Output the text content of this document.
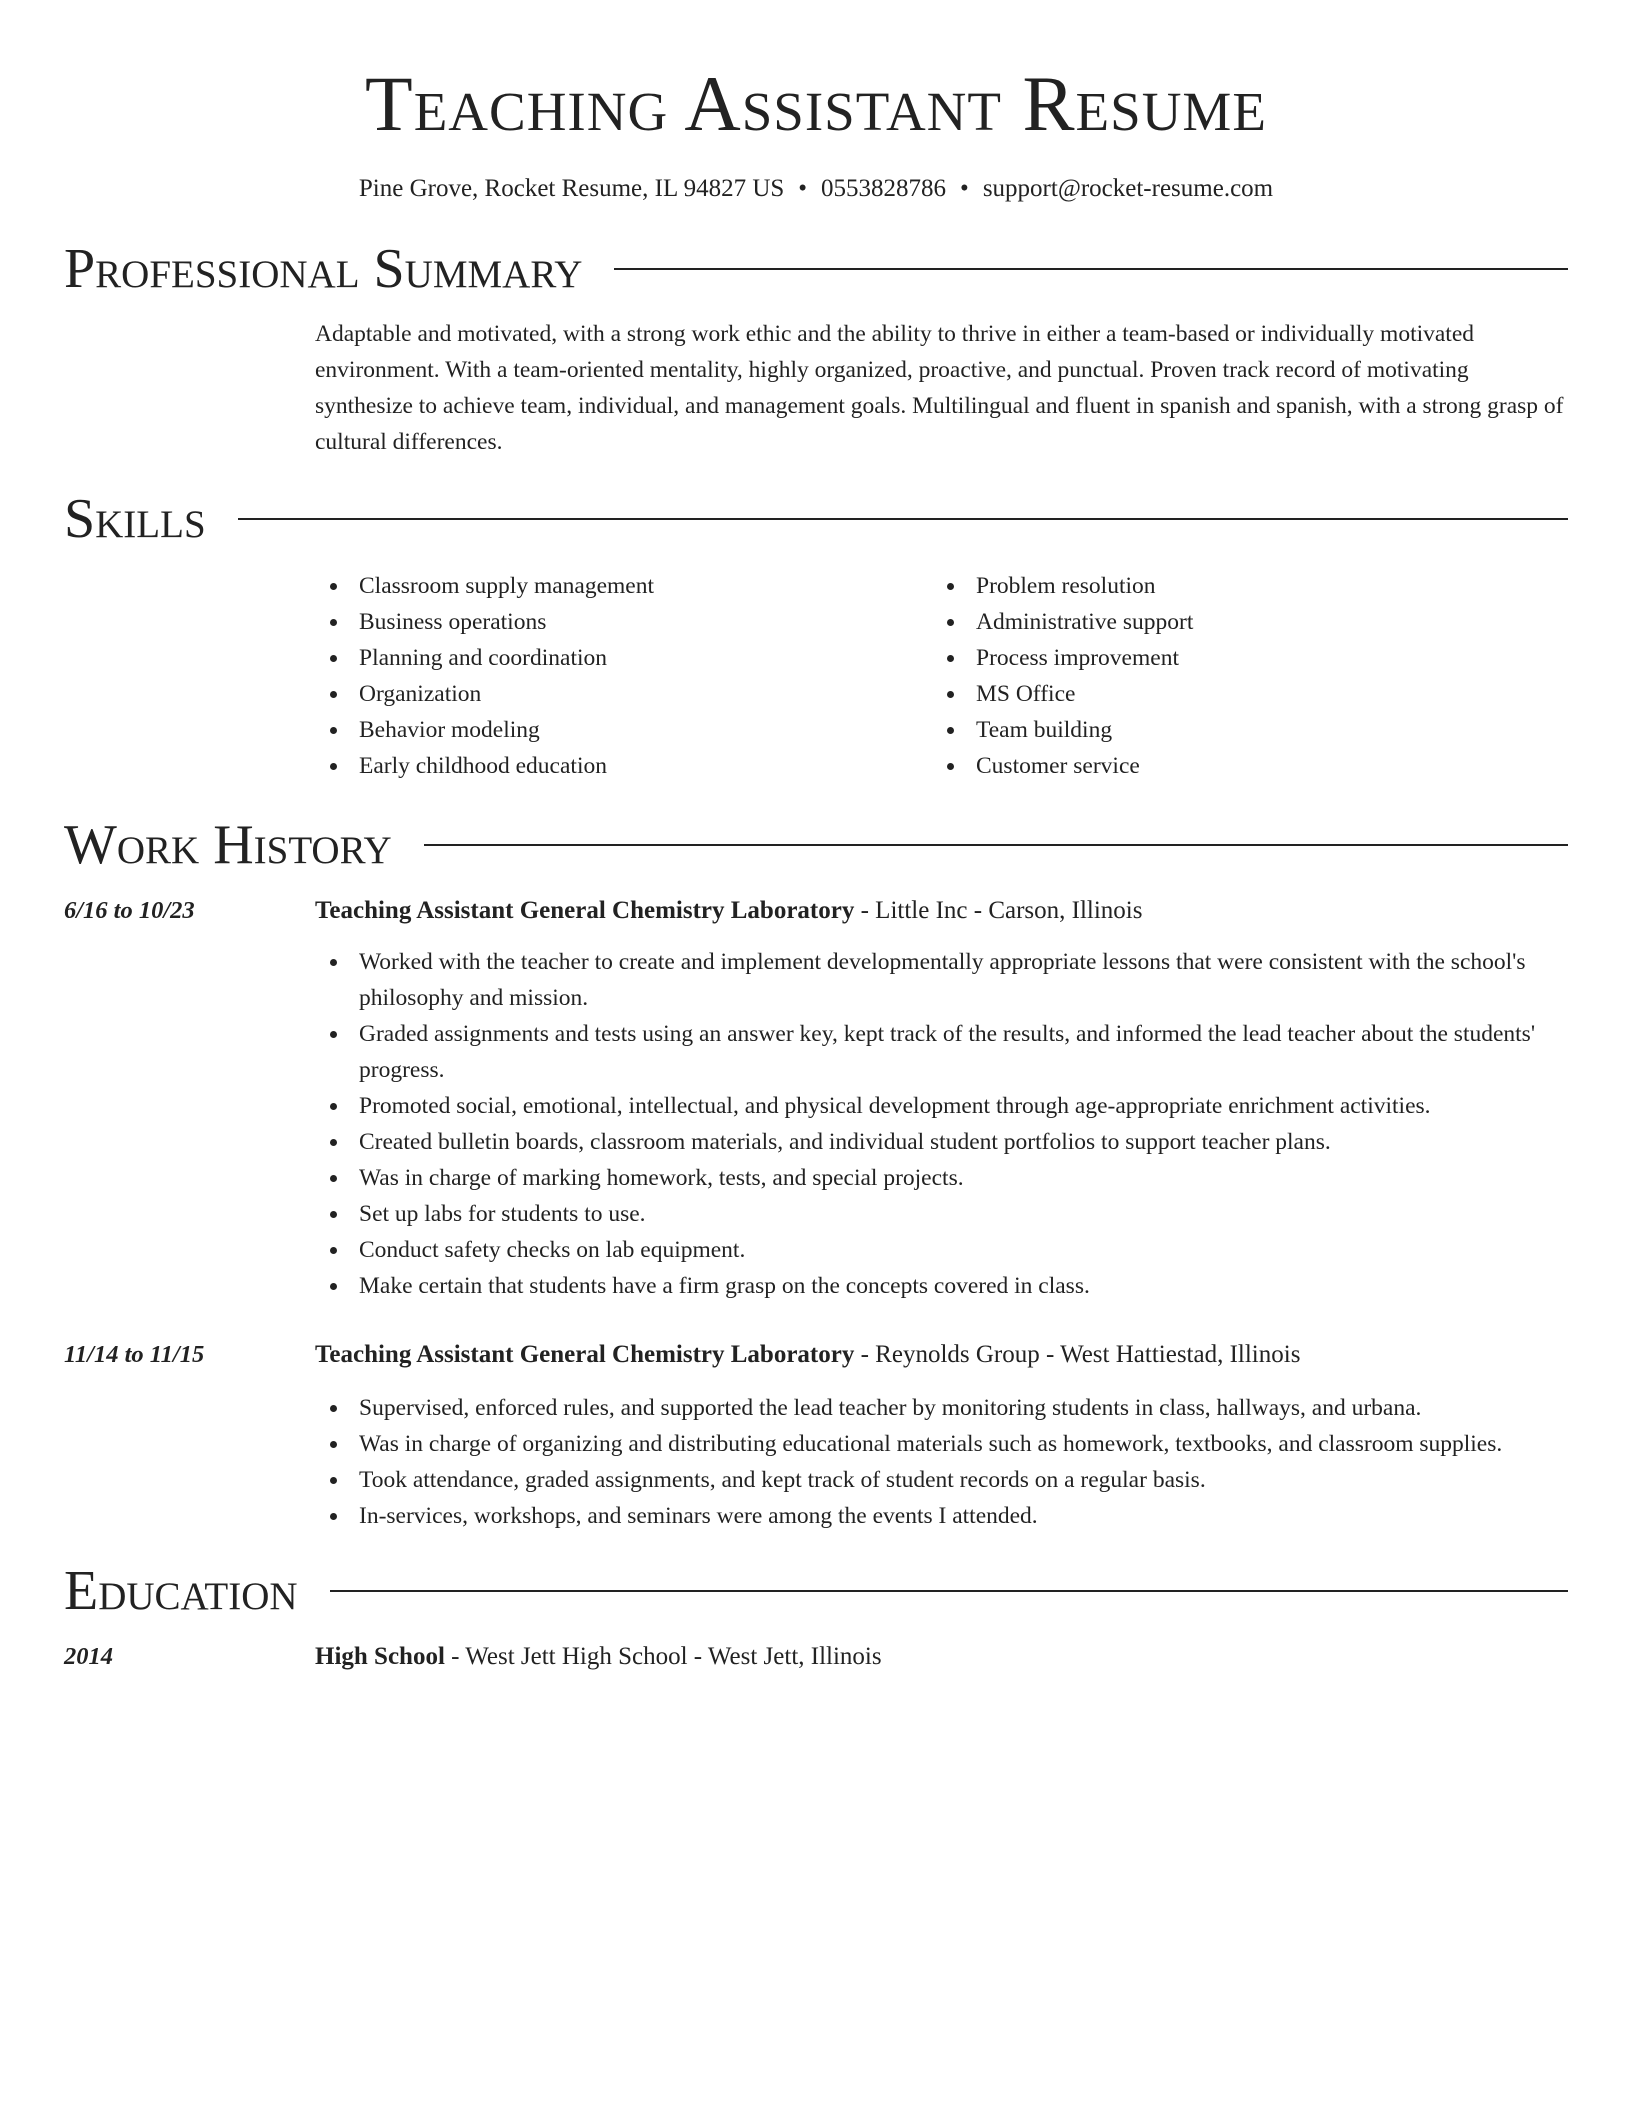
Teaching Assistant Resume
Pine Grove, Rocket Resume, IL 94827 US • 0553828786 • support@rocket-resume.com
Professional Summary

Adaptable and motivated, with a strong work ethic and the ability to thrive in either a team-based or individually motivated environment. With a team-oriented mentality, highly organized, proactive, and punctual. Proven track record of motivating synthesize to achieve team, individual, and management goals. Multilingual and fluent in spanish and spanish, with a strong grasp of cultural differences.

Skills
Classroom supply management
Business operations
Planning and coordination
Organization
Behavior modeling
Early childhood education
Problem resolution
Administrative support
Process improvement
MS Office
Team building
Customer service
Work History
6/16 to 10/23	Teaching Assistant General Chemistry Laboratory - Little Inc - Carson, Illinois
Worked with the teacher to create and implement developmentally appropriate lessons that were consistent with the school's philosophy and mission.
Graded assignments and tests using an answer key, kept track of the results, and informed the lead teacher about the students' progress.
Promoted social, emotional, intellectual, and physical development through age-appropriate enrichment activities.
Created bulletin boards, classroom materials, and individual student portfolios to support teacher plans.
Was in charge of marking homework, tests, and special projects.
Set up labs for students to use.
Conduct safety checks on lab equipment.
Make certain that students have a firm grasp on the concepts covered in class.
11/14 to 11/15	Teaching Assistant General Chemistry Laboratory - Reynolds Group - West Hattiestad, Illinois
Supervised, enforced rules, and supported the lead teacher by monitoring students in class, hallways, and urbana.
Was in charge of organizing and distributing educational materials such as homework, textbooks, and classroom supplies.
Took attendance, graded assignments, and kept track of student records on a regular basis.
In-services, workshops, and seminars were among the events I attended.
Education
2014	High School - West Jett High School - West Jett, Illinois
